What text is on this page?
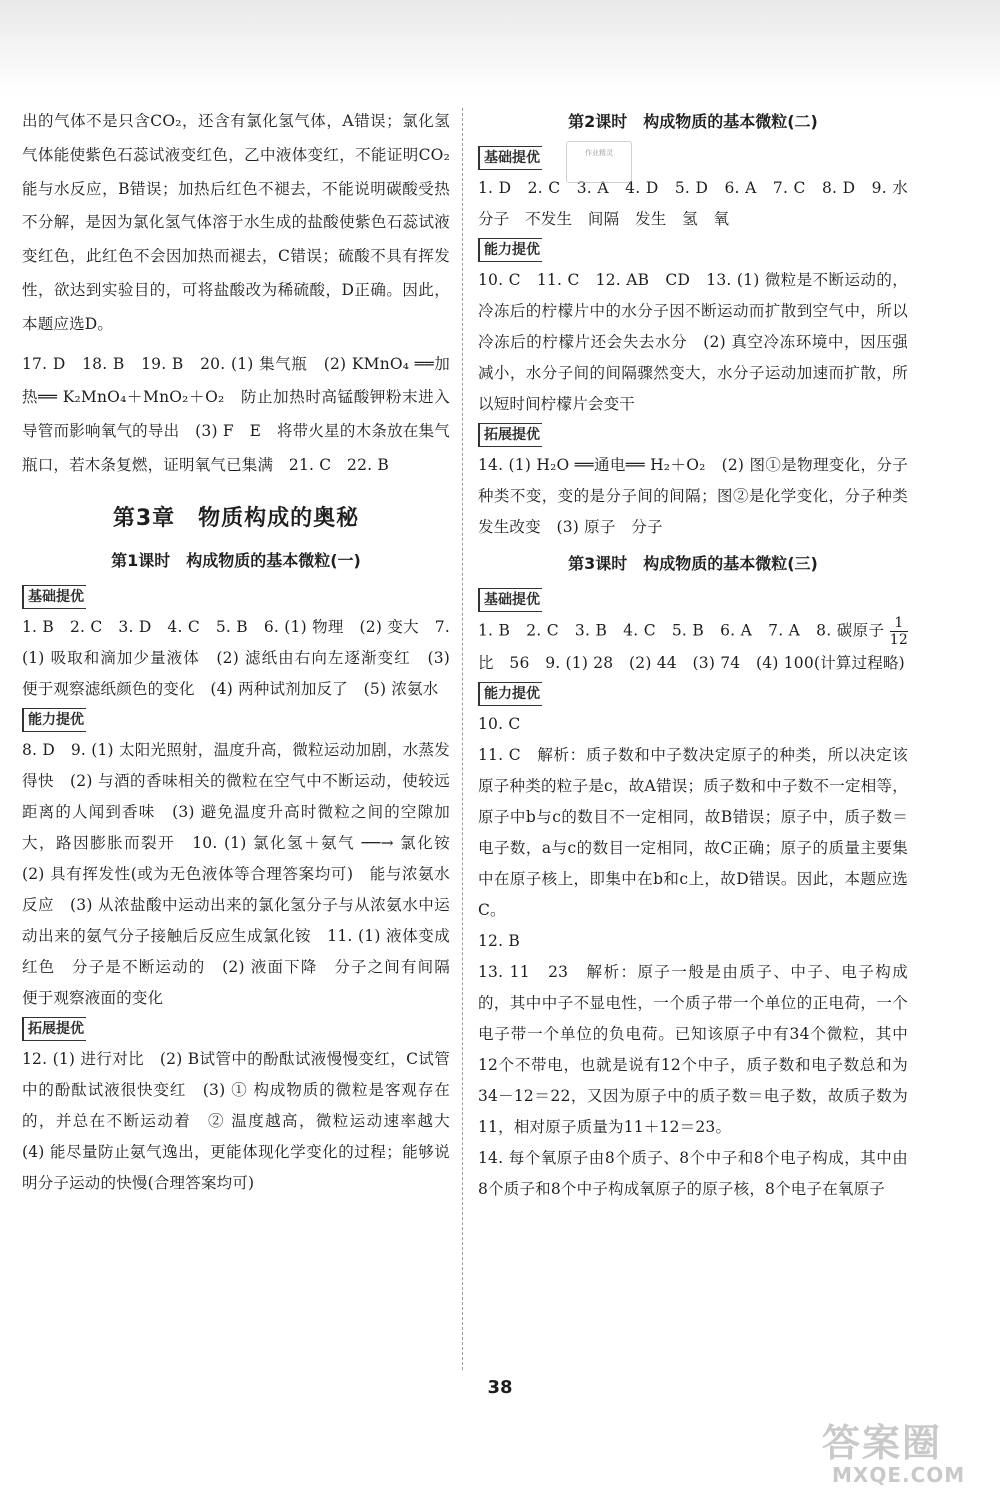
出的气体不是只含CO₂，还含有氯化氢气体，A错误；氯化氢气体能使紫色石蕊试液变红色，乙中液体变红，不能证明CO₂能与水反应，B错误；加热后红色不褪去，不能说明碳酸受热不分解，是因为氯化氢气体溶于水生成的盐酸使紫色石蕊试液变红色，此红色不会因加热而褪去，C错误；硫酸不具有挥发性，欲达到实验目的，可将盐酸改为稀硫酸，D正确。因此，本题应选D。

17. D　18. B　19. B　20. (1) 集气瓶　(2) KMnO₄ ══加热══ K₂MnO₄＋MnO₂＋O₂　防止加热时高锰酸钾粉末进入导管而影响氧气的导出　(3) F　E　将带火星的木条放在集气瓶口，若木条复燃，证明氧气已集满　21. C　22. B

第3章　物质构成的奥秘
第1课时　构成物质的基本微粒(一)
基础提优

1. B　2. C　3. D　4. C　5. B　6. (1) 物理　(2) 变大　7. (1) 吸取和滴加少量液体　(2) 滤纸由右向左逐渐变红　(3) 便于观察滤纸颜色的变化　(4) 两种试剂加反了　(5) 浓氨水

能力提优

8. D　9. (1) 太阳光照射，温度升高，微粒运动加剧，水蒸发得快　(2) 与酒的香味相关的微粒在空气中不断运动，使较远距离的人闻到香味　(3) 避免温度升高时微粒之间的空隙加大，路因膨胀而裂开　10. (1) 氯化氢＋氨气 ──→ 氯化铵　(2) 具有挥发性(或为无色液体等合理答案均可)　能与浓氨水反应　(3) 从浓盐酸中运动出来的氯化氢分子与从浓氨水中运动出来的氨气分子接触后反应生成氯化铵　11. (1) 液体变成红色　分子是不断运动的　(2) 液面下降　分子之间有间隔　便于观察液面的变化

拓展提优

12. (1) 进行对比　(2) B试管中的酚酞试液慢慢变红，C试管中的酚酞试液很快变红　(3) ① 构成物质的微粒是客观存在的，并总在不断运动着　② 温度越高，微粒运动速率越大　(4) 能尽量防止氨气逸出，更能体现化学变化的过程；能够说明分子运动的快慢(合理答案均可)

第2课时　构成物质的基本微粒(二)
基础提优

1. D　2. C　3. A　4. D　5. D　6. A　7. C　8. D　9. 水分子　不发生　间隔　发生　氢　氧

能力提优

10. C　11. C　12. AB　CD　13. (1) 微粒是不断运动的，冷冻后的柠檬片中的水分子因不断运动而扩散到空气中，所以冷冻后的柠檬片还会失去水分　(2) 真空冷冻环境中，因压强减小，水分子间的间隔骤然变大，水分子运动加速而扩散，所以短时间柠檬片会变干

拓展提优

14. (1) H₂O ══通电══ H₂＋O₂　(2) 图①是物理变化，分子种类不变，变的是分子间的间隔；图②是化学变化，分子种类发生改变　(3) 原子　分子

第3课时　构成物质的基本微粒(三)
基础提优

1. B　2. C　3. B　4. C　5. B　6. A　7. A　8. 碳原子 $\frac{1}{12}$
比　56　9. (1) 28　(2) 44　(3) 74　(4) 100(计算过程略)

能力提优

10. C

11. C　解析：质子数和中子数决定原子的种类，所以决定该原子种类的粒子是c，故A错误；质子数和中子数不一定相等，原子中b与c的数目不一定相同，故B错误；原子中，质子数＝电子数，a与c的数目一定相同，故C正确；原子的质量主要集中在原子核上，即集中在b和c上，故D错误。因此，本题应选C。

12. B

13. 11　23　解析：原子一般是由质子、中子、电子构成的，其中中子不显电性，一个质子带一个单位的正电荷，一个电子带一个单位的负电荷。已知该原子中有34个微粒，其中12个不带电，也就是说有12个中子，质子数和电子数总和为34－12＝22，又因为原子中的质子数＝电子数，故质子数为11，相对原子质量为11＋12＝23。

14. 每个氧原子由8个质子、8个中子和8个电子构成，其中由8个质子和8个中子构成氧原子的原子核，8个电子在氧原子

作业精灵
38
答案圈
MXQE.COM
